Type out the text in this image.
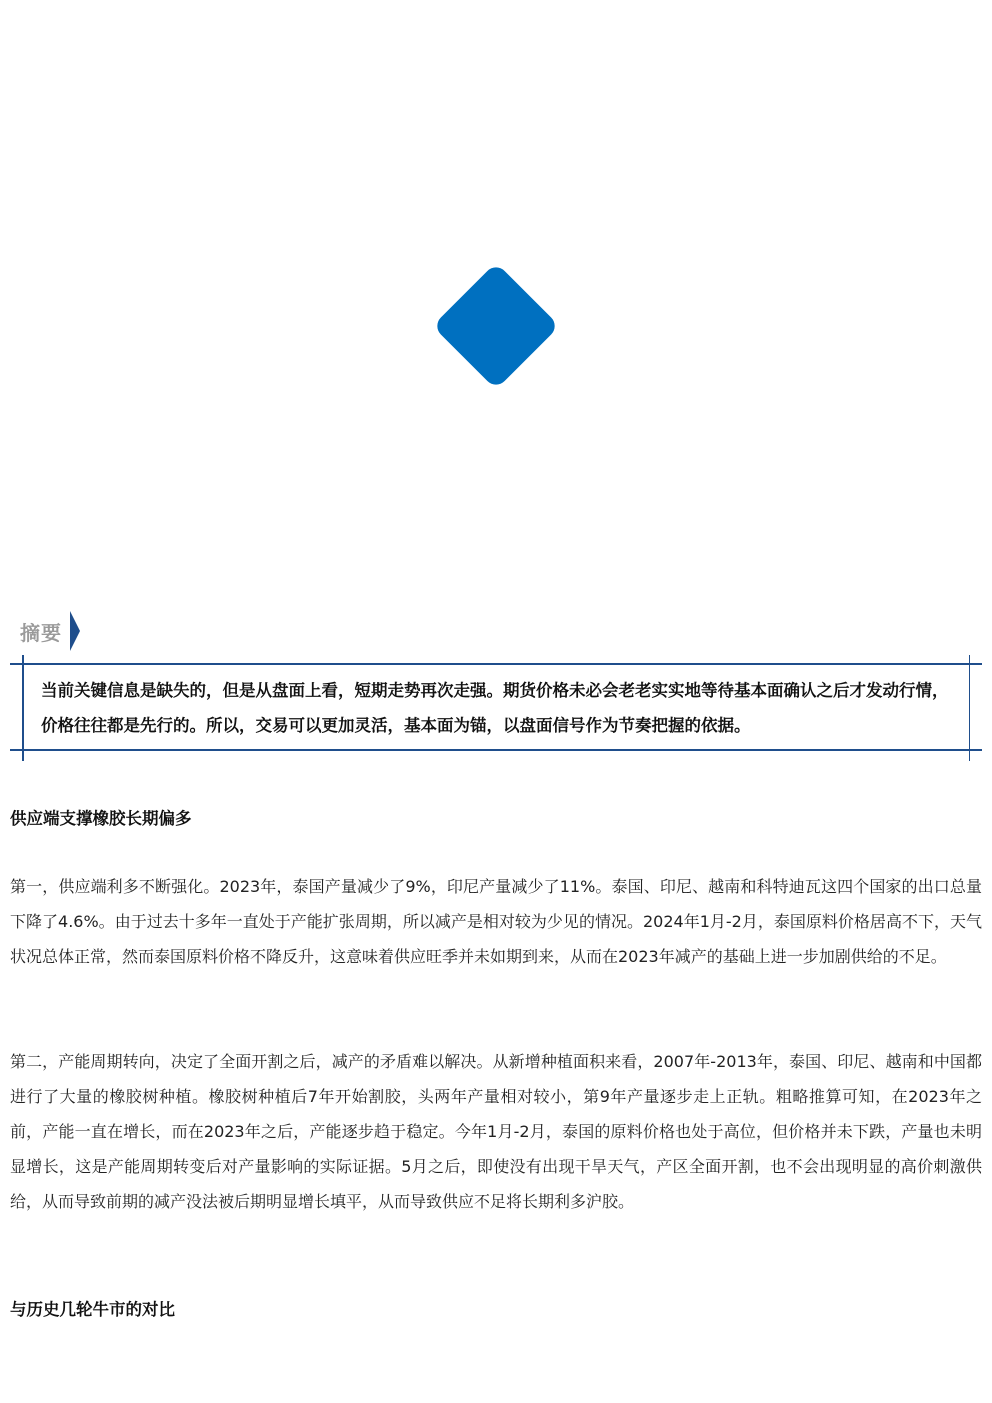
摘要
当前关键信息是缺失的，但是从盘面上看，短期走势再次走强。期货价格未必会老老实实地等待基本面确认之后才发动行情，价格往往都是先行的。所以，交易可以更加灵活，基本面为锚，以盘面信号作为节奏把握的依据。
供应端支撑橡胶长期偏多
第一，供应端利多不断强化。2023年，泰国产量减少了9%，印尼产量减少了11%。泰国、印尼、越南和科特迪瓦这四个国家的出口总量下降了4.6%。由于过去十多年一直处于产能扩张周期，所以减产是相对较为少见的情况。2024年1月-2月，泰国原料价格居高不下，天气状况总体正常，然而泰国原料价格不降反升，这意味着供应旺季并未如期到来，从而在2023年减产的基础上进一步加剧供给的不足。
第二，产能周期转向，决定了全面开割之后，减产的矛盾难以解决。从新增种植面积来看，2007年-2013年，泰国、印尼、越南和中国都进行了大量的橡胶树种植。橡胶树种植后7年开始割胶，头两年产量相对较小，第9年产量逐步走上正轨。粗略推算可知，在2023年之前，产能一直在增长，而在2023年之后，产能逐步趋于稳定。今年1月-2月，泰国的原料价格也处于高位，但价格并未下跌，产量也未明显增长，这是产能周期转变后对产量影响的实际证据。5月之后，即使没有出现干旱天气，产区全面开割，也不会出现明显的高价刺激供给，从而导致前期的减产没法被后期明显增长填平，从而导致供应不足将长期利多沪胶。
与历史几轮牛市的对比
